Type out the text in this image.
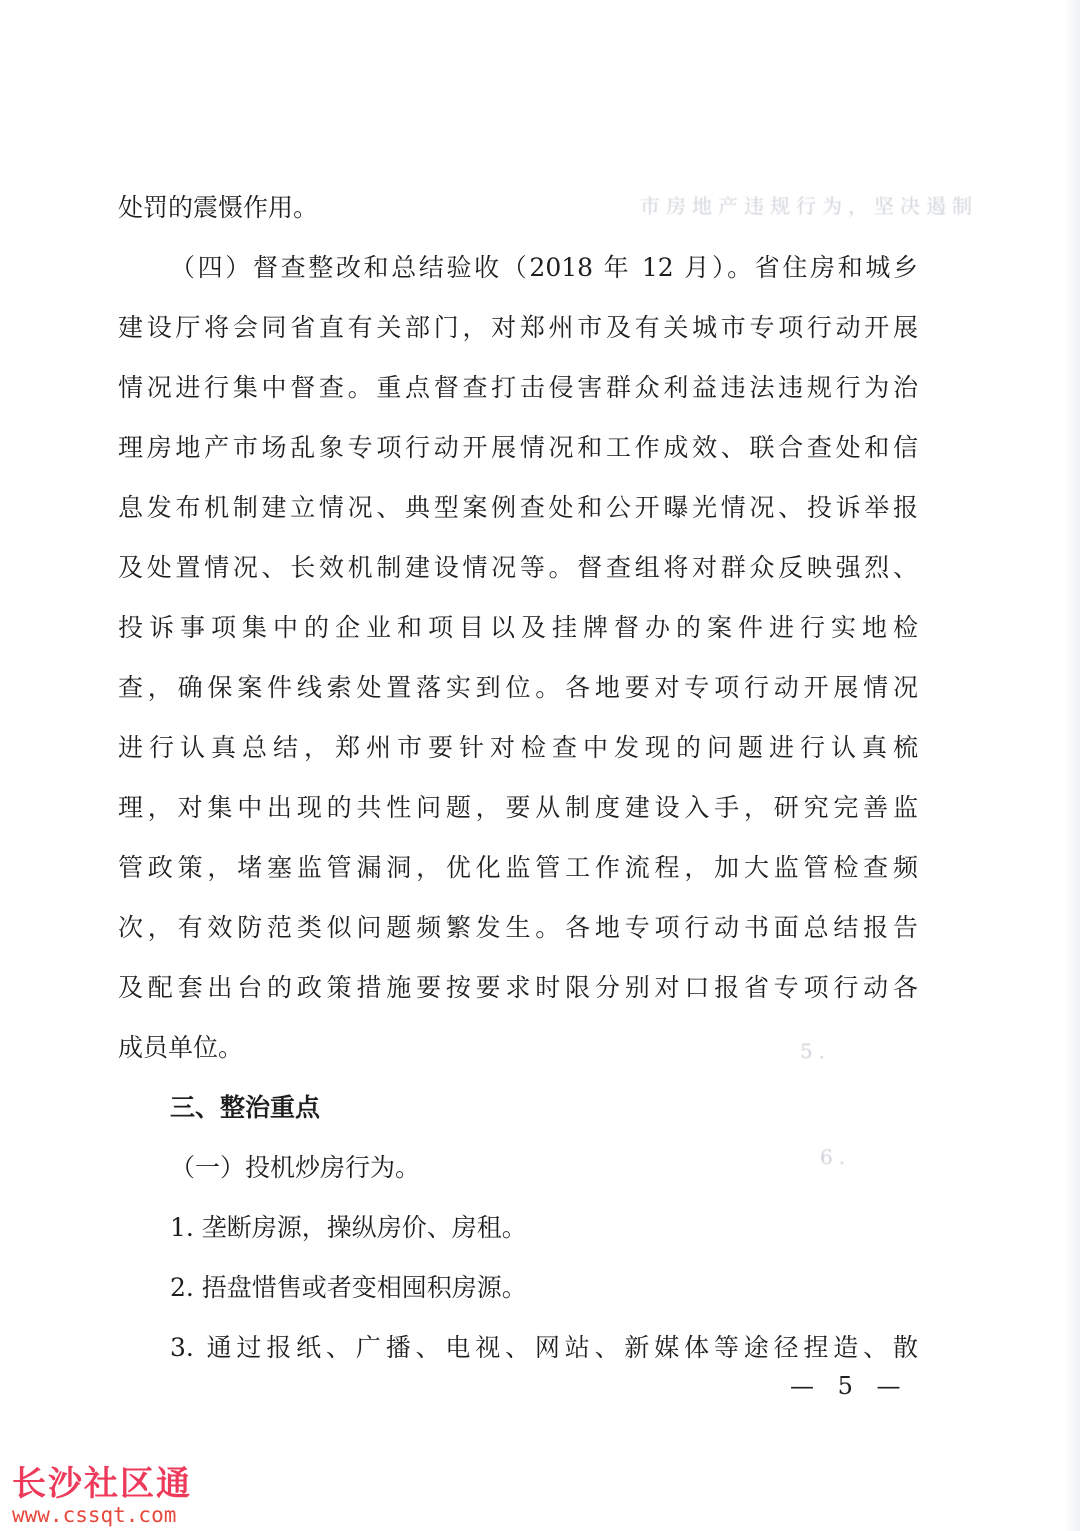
市房地产违规行为，坚决遏制
5．
6.
处罚的震慑作用。
（四）督查整改和总结验收（2018 年 12 月）。省住房和城乡
建设厅将会同省直有关部门，对郑州市及有关城市专项行动开展
情况进行集中督查。重点督查打击侵害群众利益违法违规行为治
理房地产市场乱象专项行动开展情况和工作成效、联合查处和信
息发布机制建立情况、典型案例查处和公开曝光情况、投诉举报
及处置情况、长效机制建设情况等。督查组将对群众反映强烈、
投诉事项集中的企业和项目以及挂牌督办的案件进行实地检
查，确保案件线索处置落实到位。各地要对专项行动开展情况
进行认真总结，郑州市要针对检查中发现的问题进行认真梳
理，对集中出现的共性问题，要从制度建设入手，研究完善监
管政策，堵塞监管漏洞，优化监管工作流程，加大监管检查频
次，有效防范类似问题频繁发生。各地专项行动书面总结报告
及配套出台的政策措施要按要求时限分别对口报省专项行动各
成员单位。
三、整治重点
（一）投机炒房行为。
1. 垄断房源，操纵房价、房租。
2. 捂盘惜售或者变相囤积房源。
3. 通过报纸、广播、电视、网站、新媒体等途径捏造、散
— 5 —
长沙社区通
www.cssqt.com
